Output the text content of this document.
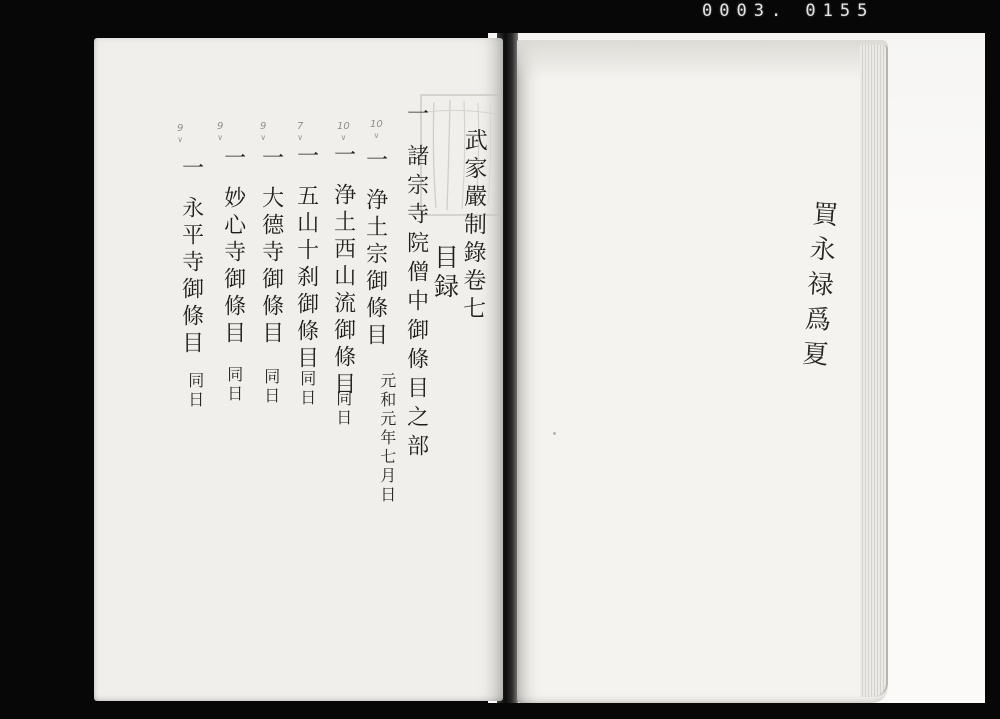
0003. 0155
買永禄爲夏
武家嚴制錄卷七
目録
一諸宗寺院僧中御條目之部
一浄土宗御條目
一浄土西山流御條目
一五山十刹御條目
一大德寺御條目
一妙心寺御條目
一永平寺御條目
元和元年七月日
同日
同日
同日
同日
同日
10
∨
10
∨
7
∨
9
∨
9
∨
9
∨
